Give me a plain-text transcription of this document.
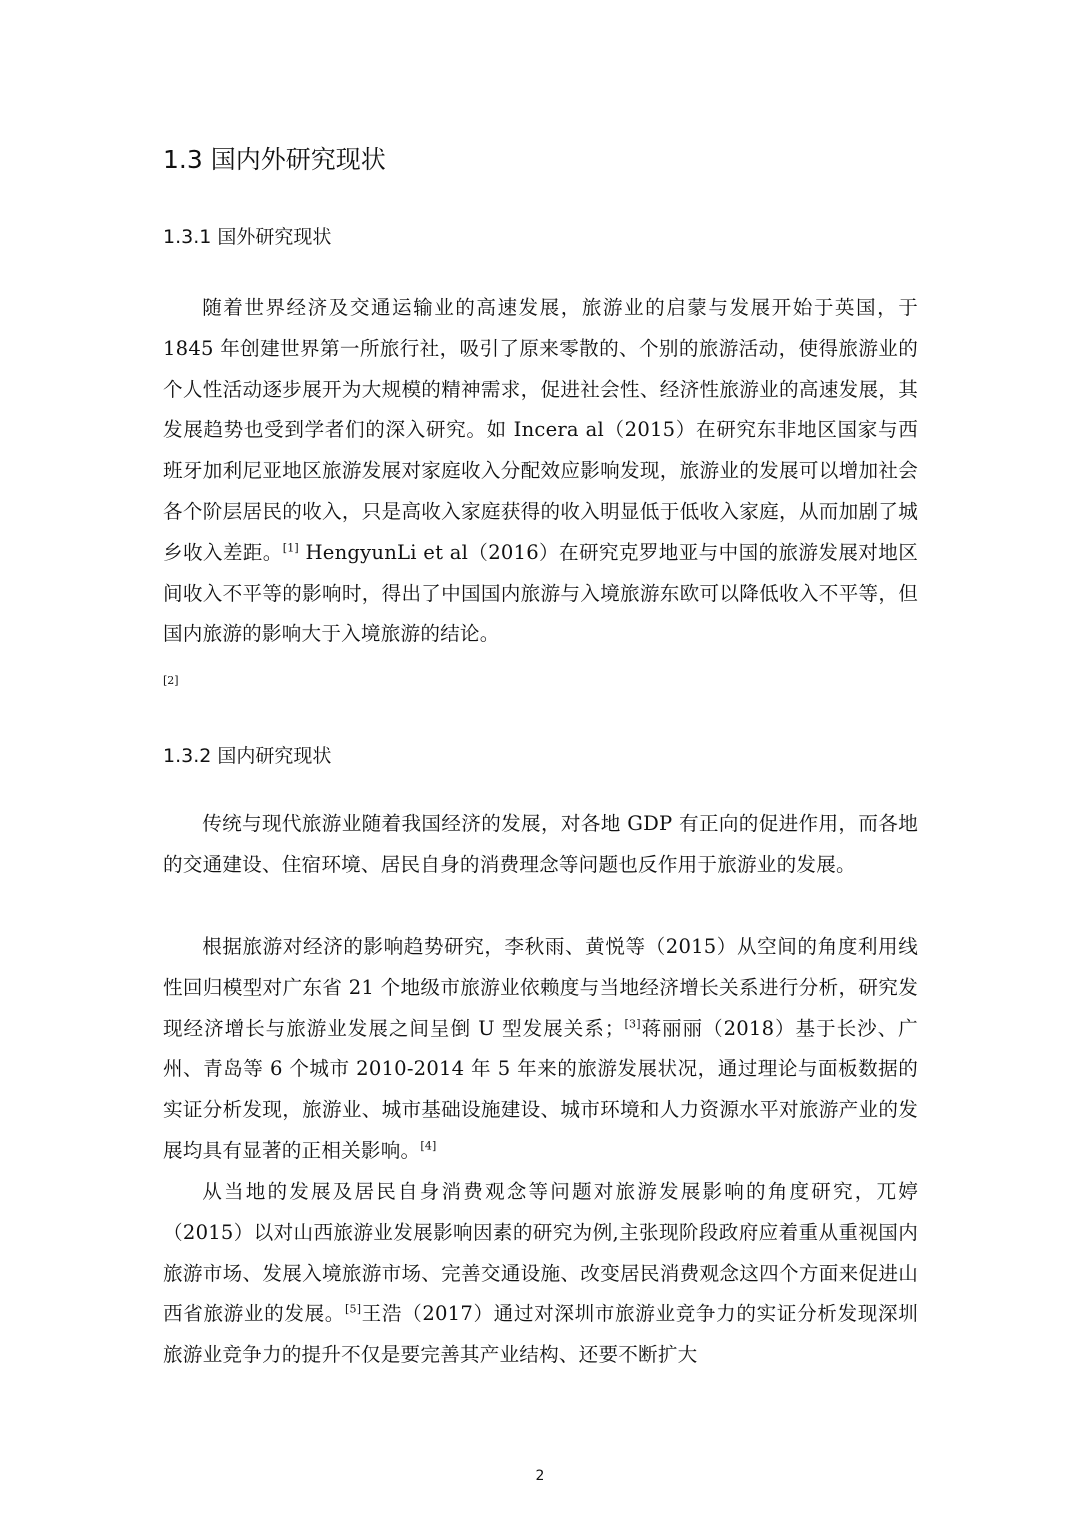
1.3 国内外研究现状
1.3.1 国外研究现状
随着世界经济及交通运输业的高速发展，旅游业的启蒙与发展开始于英国，于 1845 年创建世界第一所旅行社，吸引了原来零散的、个别的旅游活动，使得旅游业的个人性活动逐步展开为大规模的精神需求，促进社会性、经济性旅游业的高速发展，其发展趋势也受到学者们的深入研究。如 Incera al（2015）在研究东非地区国家与西班牙加利尼亚地区旅游发展对家庭收入分配效应影响发现，旅游业的发展可以增加社会各个阶层居民的收入，只是高收入家庭获得的收入明显低于低收入家庭，从而加剧了城乡收入差距。[1] HengyunLi et al（2016）在研究克罗地亚与中国的旅游发展对地区间收入不平等的影响时，得出了中国国内旅游与入境旅游东欧可以降低收入不平等，但国内旅游的影响大于入境旅游的结论。
[2]
1.3.2 国内研究现状
传统与现代旅游业随着我国经济的发展，对各地 GDP 有正向的促进作用，而各地的交通建设、住宿环境、居民自身的消费理念等问题也反作用于旅游业的发展。
根据旅游对经济的影响趋势研究，李秋雨、黄悦等（2015）从空间的角度利用线性回归模型对广东省 21 个地级市旅游业依赖度与当地经济增长关系进行分析，研究发现经济增长与旅游业发展之间呈倒 U 型发展关系；[3]蒋丽丽（2018）基于长沙、广州、青岛等 6 个城市 2010-2014 年 5 年来的旅游发展状况，通过理论与面板数据的实证分析发现，旅游业、城市基础设施建设、城市环境和人力资源水平对旅游产业的发展均具有显著的正相关影响。[4]
从当地的发展及居民自身消费观念等问题对旅游发展影响的角度研究，兀婷（2015）以对山西旅游业发展影响因素的研究为例,主张现阶段政府应着重从重视国内旅游市场、发展入境旅游市场、完善交通设施、改变居民消费观念这四个方面来促进山西省旅游业的发展。[5]王浩（2017）通过对深圳市旅游业竞争力的实证分析发现深圳旅游业竞争力的提升不仅是要完善其产业结构、还要不断扩大
2
